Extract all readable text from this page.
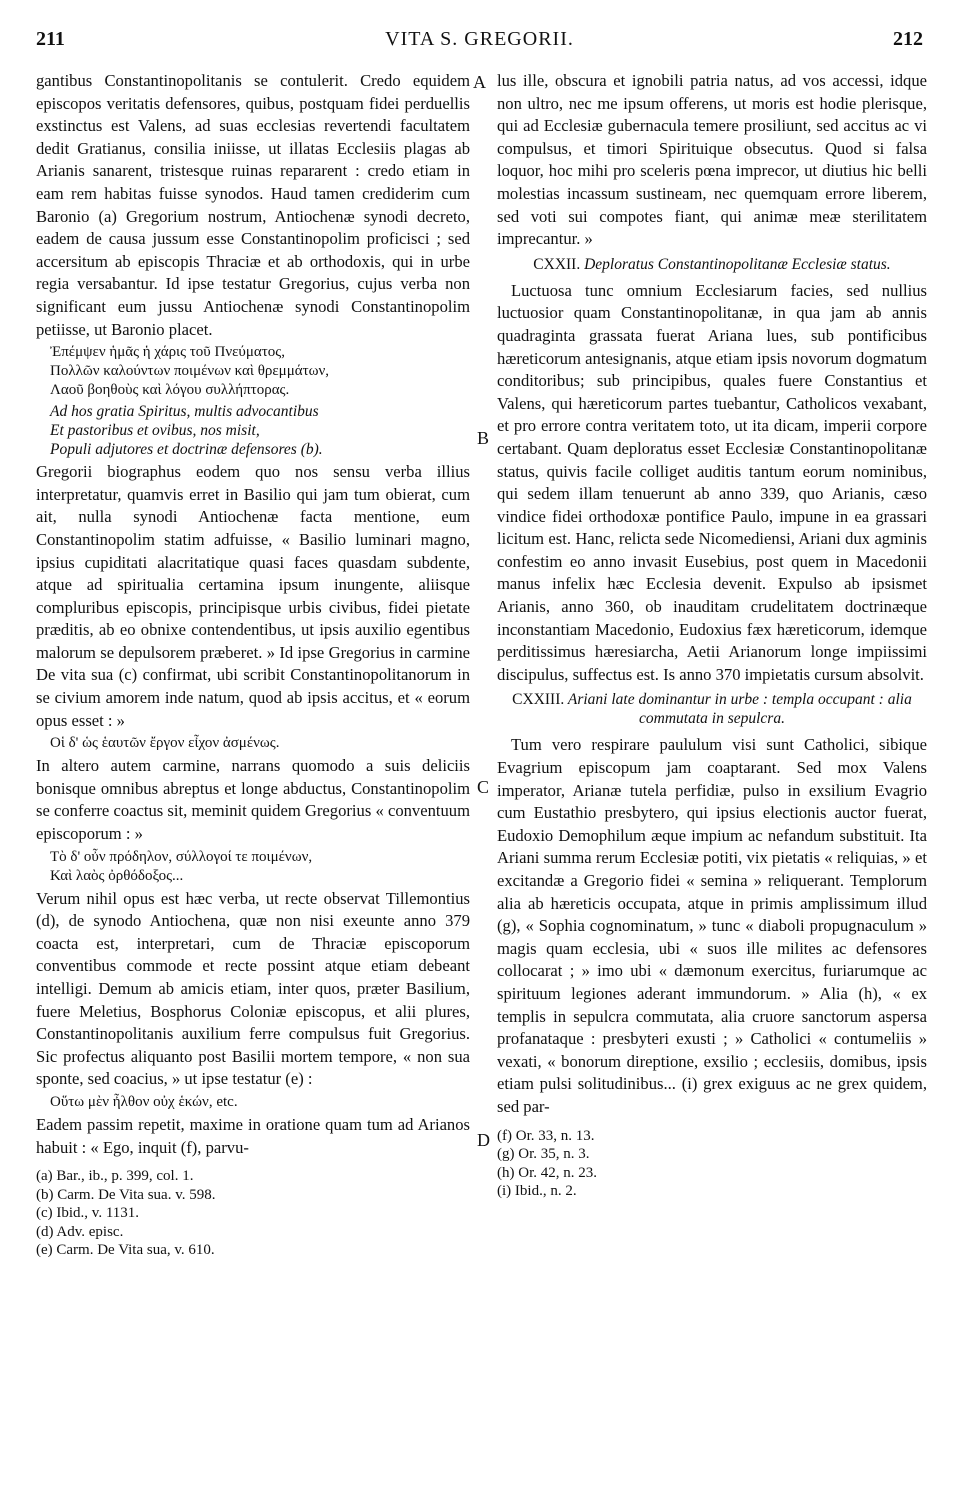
211	VITA S. GREGORII.	212
A
B
C
D

gantibus Constantinopolitanis se contulerit. Credo equidem episcopos veritatis defensores, quibus, postquam fidei perduellis exstinctus est Valens, ad suas ecclesias revertendi facultatem dedit Gratianus, consilia iniisse, ut illatas Ecclesiis plagas ab Arianis sanarent, tristesque ruinas repararent : credo etiam in eam rem habitas fuisse synodos. Haud tamen crediderim cum Baronio (a) Gregorium nostrum, Antiochenæ synodi decreto, eadem de causa jussum esse Constantinopolim proficisci ; sed accersitum ab episcopis Thraciæ et ab orthodoxis, qui in urbe regia versabantur. Id ipse testatur Gregorius, cujus verba non significant eum jussu Antiochenæ synodi Constantinopolim petiisse, ut Baronio placet.

Ἐπέμψεν ἡμᾶς ἡ χάρις τοῦ Πνεύματος,
Πολλῶν καλούντων ποιμένων καὶ θρεμμάτων,
Λαοῦ βοηθοὺς καὶ λόγου συλλήπτορας.
Ad hos gratia Spiritus, multis advocantibus
Et pastoribus et ovibus, nos misit,
Populi adjutores et doctrinæ defensores (b).

Gregorii biographus eodem quo nos sensu verba illius interpretatur, quamvis erret in Basilio qui jam tum obierat, cum ait, nulla synodi Antiochenæ facta mentione, eum Constantinopolim statim adfuisse, « Basilio luminari magno, ipsius cupiditati alacritatique quasi faces quasdam subdente, atque ad spiritualia certamina ipsum inungente, aliisque compluribus episcopis, principisque urbis civibus, fidei pietate præditis, ab eo obnixe contendentibus, ut ipsis auxilio egentibus malorum se depulsorem præberet. » Id ipse Gregorius in carmine De vita sua (c) confirmat, ubi scribit Constantinopolitanorum in se civium amorem inde natum, quod ab ipsis accitus, et « eorum opus esset : »

Οἱ δ' ὡς ἑαυτῶν ἔργον εἶχον ἀσμένως.

In altero autem carmine, narrans quomodo a suis deliciis bonisque omnibus abreptus et longe abductus, Constantinopolim se conferre coactus sit, meminit quidem Gregorius « conventuum episcoporum : »

Τὸ δ' οὖν πρόδηλον, σύλλογοί τε ποιμένων,
Καὶ λαὸς ὀρθόδοξος...

Verum nihil opus est hæc verba, ut recte observat Tillemontius (d), de synodo Antiochena, quæ non nisi exeunte anno 379 coacta est, interpretari, cum de Thraciæ episcoporum conventibus commode et recte possint atque etiam debeant intelligi. Demum ab amicis etiam, inter quos, præter Basilium, fuere Meletius, Bosphorus Coloniæ episcopus, et alii plures, Constantinopolitanis auxilium ferre compulsus fuit Gregorius. Sic profectus aliquanto post Basilii mortem tempore, « non sua sponte, sed coacius, » ut ipse testatur (e) :

Οὕτω μὲν ἦλθον οὐχ ἑκών, etc.

Eadem passim repetit, maxime in oratione quam tum ad Arianos habuit : « Ego, inquit (f), parvu-

(a) Bar., ib., p. 399, col. 1.
(b) Carm. De Vita sua. v. 598.
(c) Ibid., v. 1131.
(d) Adv. episc.
(e) Carm. De Vita sua, v. 610.

lus ille, obscura et ignobili patria natus, ad vos accessi, idque non ultro, nec me ipsum offerens, ut moris est hodie plerisque, qui ad Ecclesiæ gubernacula temere prosiliunt, sed accitus ac vi compulsus, et timori Spirituique obsecutus. Quod si falsa loquor, hoc mihi pro sceleris pœna imprecor, ut diutius hic belli molestias incassum sustineam, nec quemquam errore liberem, sed voti sui compotes fiant, qui animæ meæ sterilitatem imprecantur. »

CXXII. Deploratus Constantinopolitanæ Ecclesiæ status.

Luctuosa tunc omnium Ecclesiarum facies, sed nullius luctuosior quam Constantinopolitanæ, in qua jam ab annis quadraginta grassata fuerat Ariana lues, sub pontificibus hæreticorum antesignanis, atque etiam ipsis novorum dogmatum conditoribus; sub principibus, quales fuere Constantius et Valens, qui hæreticorum partes tuebantur, Catholicos vexabant, et pro errore contra veritatem toto, ut ita dicam, imperii corpore certabant. Quam deploratus esset Ecclesiæ Constantinopolitanæ status, quivis facile colliget auditis tantum eorum nominibus, qui sedem illam tenuerunt ab anno 339, quo Arianis, cæso vindice fidei orthodoxæ pontifice Paulo, impune in ea grassari licitum est. Hanc, relicta sede Nicomediensi, Ariani dux agminis confestim eo anno invasit Eusebius, post quem in Macedonii manus infelix hæc Ecclesia devenit. Expulso ab ipsismet Arianis, anno 360, ob inauditam crudelitatem doctrinæque inconstantiam Macedonio, Eudoxius fæx hæreticorum, idemque perditissimus hæresiarcha, Aetii Arianorum longe impiissimi discipulus, suffectus est. Is anno 370 impietatis cursum absolvit.

CXXIII. Ariani late dominantur in urbe : templa occupant : alia commutata in sepulcra.

Tum vero respirare paululum visi sunt Catholici, sibique Evagrium episcopum jam coaptarant. Sed mox Valens imperator, Arianæ tutela perfidiæ, pulso in exsilium Evagrio cum Eustathio presbytero, qui ipsius electionis auctor fuerat, Eudoxio Demophilum æque impium ac nefandum substituit. Ita Ariani summa rerum Ecclesiæ potiti, vix pietatis « reliquias, » et excitandæ a Gregorio fidei « semina » reliquerant. Templorum alia ab hæreticis occupata, atque in primis amplissimum illud (g), « Sophia cognominatum, » tunc « diaboli propugnaculum » magis quam ecclesia, ubi « suos ille milites ac defensores collocarat ; » imo ubi « dæmonum exercitus, furiarumque ac spirituum legiones aderant immundorum. » Alia (h), « ex templis in sepulcra commutata, alia cruore sanctorum aspersa profanataque : presbyteri exusti ; » Catholici « contumeliis » vexati, « bonorum direptione, exsilio ; ecclesiis, domibus, ipsis etiam pulsi solitudinibus... (i) grex exiguus ac ne grex quidem, sed par-

(f) Or. 33, n. 13.
(g) Or. 35, n. 3.
(h) Or. 42, n. 23.
(i) Ibid., n. 2.
